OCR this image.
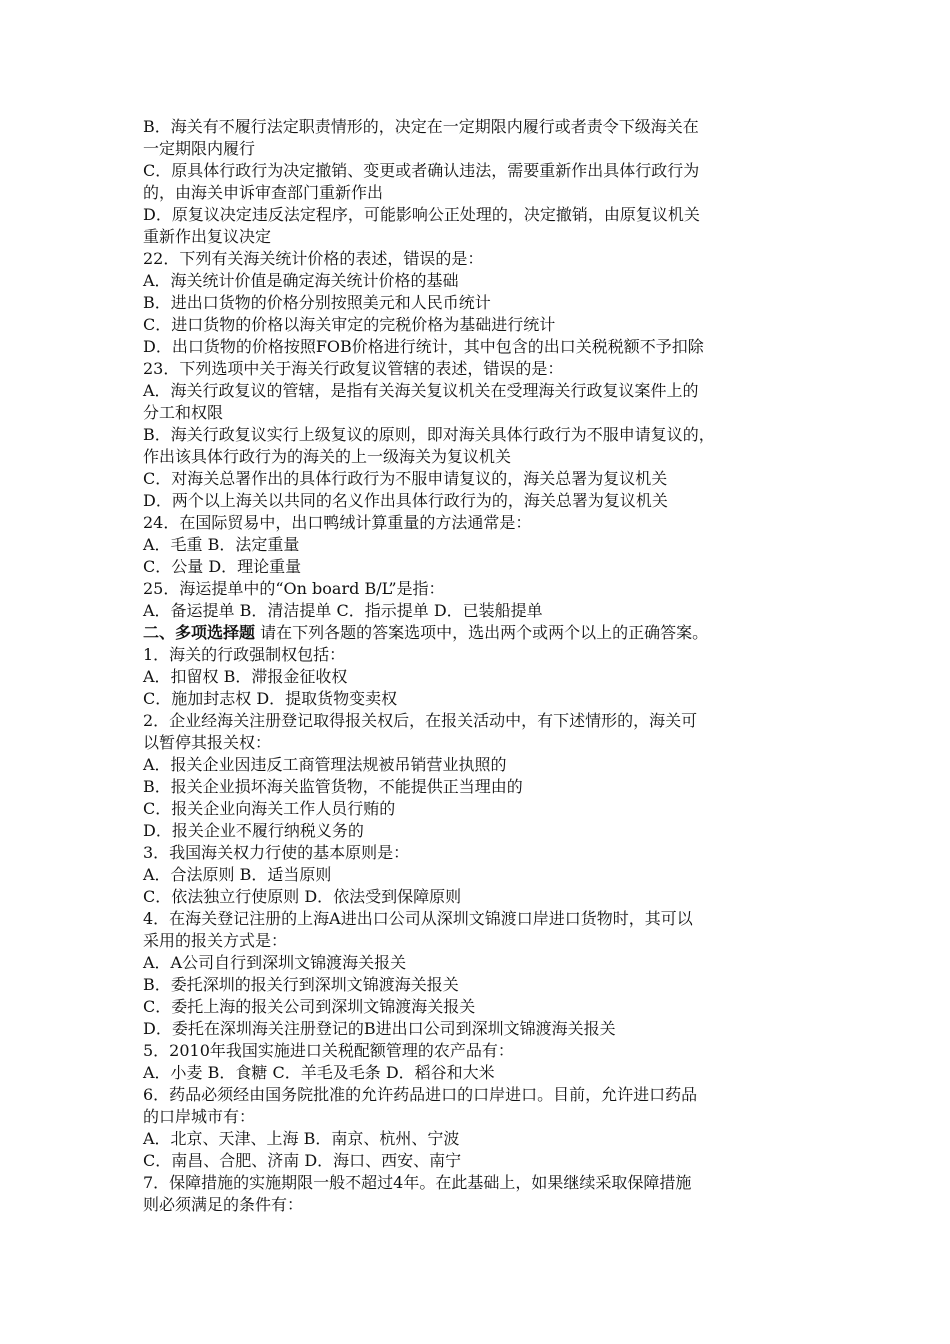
B．海关有不履行法定职责情形的，决定在一定期限内履行或者责令下级海关在
一定期限内履行
C．原具体行政行为决定撤销、变更或者确认违法，需要重新作出具体行政行为
的，由海关申诉审查部门重新作出
D．原复议决定违反法定程序，可能影响公正处理的，决定撤销，由原复议机关
重新作出复议决定
22．下列有关海关统计价格的表述，错误的是：
A．海关统计价值是确定海关统计价格的基础
B．进出口货物的价格分别按照美元和人民币统计
C．进口货物的价格以海关审定的完税价格为基础进行统计
D．出口货物的价格按照FOB价格进行统计，其中包含的出口关税税额不予扣除
23．下列选项中关于海关行政复议管辖的表述，错误的是：
A．海关行政复议的管辖，是指有关海关复议机关在受理海关行政复议案件上的
分工和权限
B．海关行政复议实行上级复议的原则，即对海关具体行政行为不服申请复议的，
作出该具体行政行为的海关的上一级海关为复议机关
C．对海关总署作出的具体行政行为不服申请复议的，海关总署为复议机关
D．两个以上海关以共同的名义作出具体行政行为的，海关总署为复议机关
24．在国际贸易中，出口鸭绒计算重量的方法通常是：
A．毛重 B．法定重量
C．公量 D．理论重量
25．海运提单中的“On board B/L”是指：
A．备运提单 B．清洁提单 C．指示提单 D．已装船提单
二、多项选择题 请在下列各题的答案选项中，选出两个或两个以上的正确答案。
1．海关的行政强制权包括：
A．扣留权 B．滞报金征收权
C．施加封志权 D．提取货物变卖权
2．企业经海关注册登记取得报关权后，在报关活动中，有下述情形的，海关可
以暂停其报关权：
A．报关企业因违反工商管理法规被吊销营业执照的
B．报关企业损坏海关监管货物，不能提供正当理由的
C．报关企业向海关工作人员行贿的
D．报关企业不履行纳税义务的
3．我国海关权力行使的基本原则是：
A．合法原则 B．适当原则
C．依法独立行使原则 D．依法受到保障原则
4．在海关登记注册的上海A进出口公司从深圳文锦渡口岸进口货物时，其可以
采用的报关方式是：
A．A公司自行到深圳文锦渡海关报关
B．委托深圳的报关行到深圳文锦渡海关报关
C．委托上海的报关公司到深圳文锦渡海关报关
D．委托在深圳海关注册登记的B进出口公司到深圳文锦渡海关报关
5．2010年我国实施进口关税配额管理的农产品有：
A．小麦 B．食糖 C．羊毛及毛条 D．稻谷和大米
6．药品必须经由国务院批准的允许药品进口的口岸进口。目前，允许进口药品
的口岸城市有：
A．北京、天津、上海 B．南京、杭州、宁波
C．南昌、合肥、济南 D．海口、西安、南宁
7．保障措施的实施期限一般不超过4年。在此基础上，如果继续采取保障措施
则必须满足的条件有：
